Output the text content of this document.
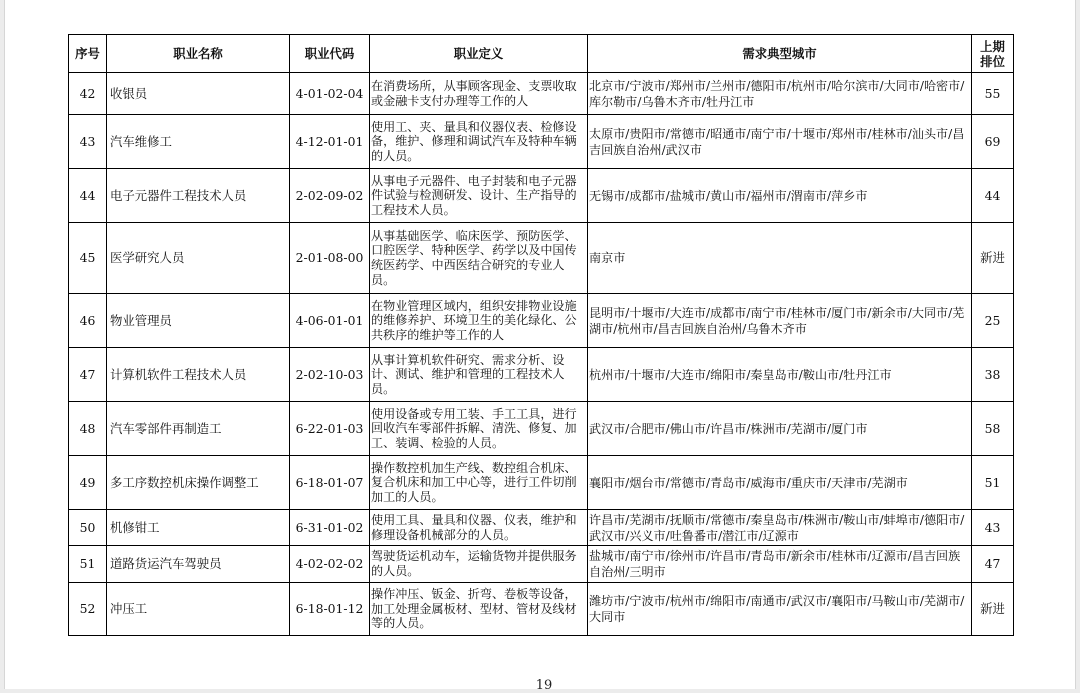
序号	职业名称	职业代码	职业定义	需求典型城市	上期排位
42	收银员	4-01-02-04	在消费场所，从事顾客现金、支票收取或金融卡支付办理等工作的人	北京市/宁波市/郑州市/兰州市/德阳市/杭州市/哈尔滨市/大同市/哈密市/库尔勒市/乌鲁木齐市/牡丹江市	55
43	汽车维修工	4-12-01-01	使用工、夹、量具和仪器仪表、检修设备，维护、修理和调试汽车及特种车辆的人员。	太原市/贵阳市/常德市/昭通市/南宁市/十堰市/郑州市/桂林市/汕头市/昌吉回族自治州/武汉市	69
44	电子元器件工程技术人员	2-02-09-02	从事电子元器件、电子封装和电子元器件试验与检测研发、设计、生产指导的工程技术人员。	无锡市/成都市/盐城市/黄山市/福州市/渭南市/萍乡市	44
45	医学研究人员	2-01-08-00	从事基础医学、临床医学、预防医学、口腔医学、特种医学、药学以及中国传统医药学、中西医结合研究的专业人员。	南京市	新进
46	物业管理员	4-06-01-01	在物业管理区域内，组织安排物业设施的维修养护、环境卫生的美化绿化、公共秩序的维护等工作的人	昆明市/十堰市/大连市/成都市/南宁市/桂林市/厦门市/新余市/大同市/芜湖市/杭州市/昌吉回族自治州/乌鲁木齐市	25
47	计算机软件工程技术人员	2-02-10-03	从事计算机软件研究、需求分析、设计、测试、维护和管理的工程技术人员。	杭州市/十堰市/大连市/绵阳市/秦皇岛市/鞍山市/牡丹江市	38
48	汽车零部件再制造工	6-22-01-03	使用设备或专用工装、手工工具，进行回收汽车零部件拆解、清洗、修复、加工、装调、检验的人员。	武汉市/合肥市/佛山市/许昌市/株洲市/芜湖市/厦门市	58
49	多工序数控机床操作调整工	6-18-01-07	操作数控机加生产线、数控组合机床、复合机床和加工中心等，进行工件切削加工的人员。	襄阳市/烟台市/常德市/青岛市/威海市/重庆市/天津市/芜湖市	51
50	机修钳工	6-31-01-02	使用工具、量具和仪器、仪表，维护和修理设备机械部分的人员。	许昌市/芜湖市/抚顺市/常德市/秦皇岛市/株洲市/鞍山市/蚌埠市/德阳市/武汉市/兴义市/吐鲁番市/潜江市/辽源市	43
51	道路货运汽车驾驶员	4-02-02-02	驾驶货运机动车，运输货物并提供服务的人员。	盐城市/南宁市/徐州市/许昌市/青岛市/新余市/桂林市/辽源市/昌吉回族自治州/三明市	47
52	冲压工	6-18-01-12	操作冲压、钣金、折弯、卷板等设备，加工处理金属板材、型材、管材及线材等的人员。	潍坊市/宁波市/杭州市/绵阳市/南通市/武汉市/襄阳市/马鞍山市/芜湖市/大同市	新进
19
